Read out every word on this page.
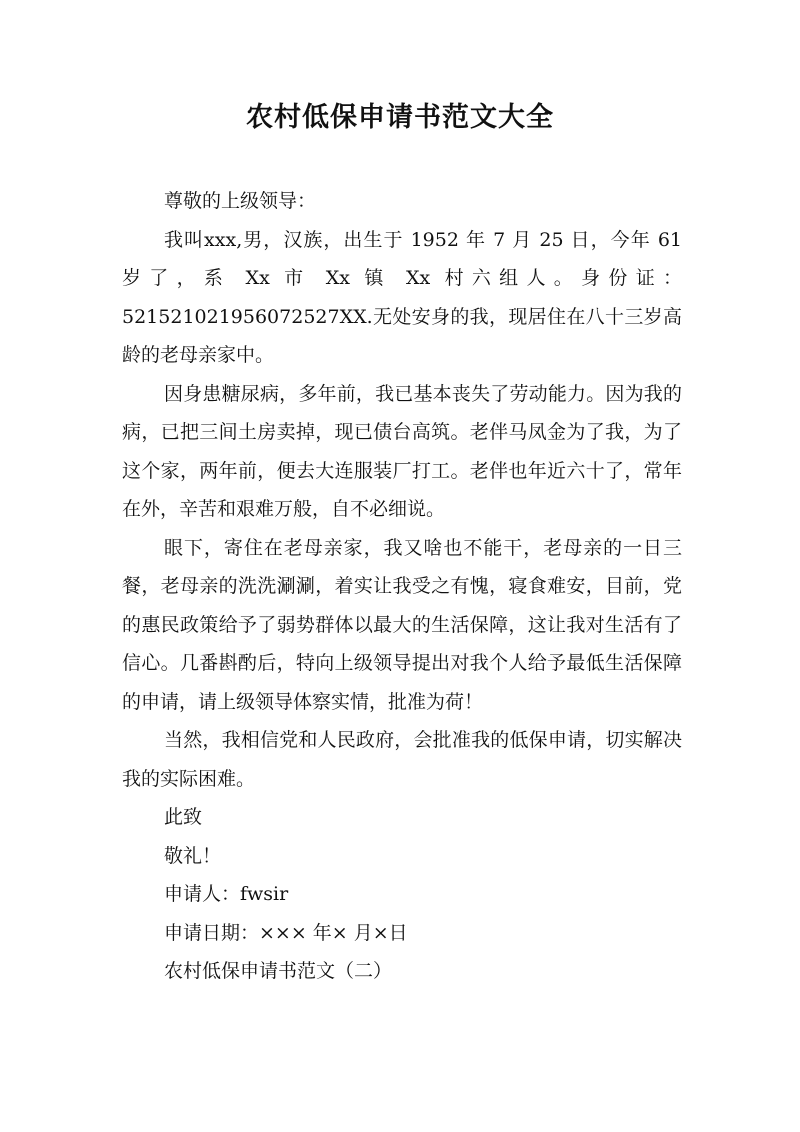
农村低保申请书范文大全

尊敬的上级领导：

我叫xxx,男，汉族，出生于 1952 年 7 月 25 日，今年 61 岁了，系 Xx 市 Xx 镇 Xx 村六组人。身份证：52152102195607252​7XX.无处安身的我，现居住在八十三岁高龄的老母亲家中。

因身患糖尿病，多年前，我已基本丧失了劳动能力。因为我的病，已把三间土房卖掉，现已债台高筑。老伴马凤金为了我，为了这个家，两年前，便去大连服装厂打工。老伴也年近六十了，常年在外，辛苦和艰难万般，自不必细说。

眼下，寄住在老母亲家，我又啥也不能干，老母亲的一日三餐，老母亲的洗洗涮涮，着实让我受之有愧，寝食难安，目前，党的惠民政策给予了弱势群体以最大的生活保障，这让我对生活有了信心。几番斟酌后，特向上级领导提出对我个人给予最低生活保障的申请，请上级领导体察实情，批准为荷！

当然，我相信党和人民政府，会批准我的低保申请，切实解决我的实际困难。

此致

敬礼！

申请人：fwsir

申请日期：××× 年× 月×日

农村低保申请书范文（二）
